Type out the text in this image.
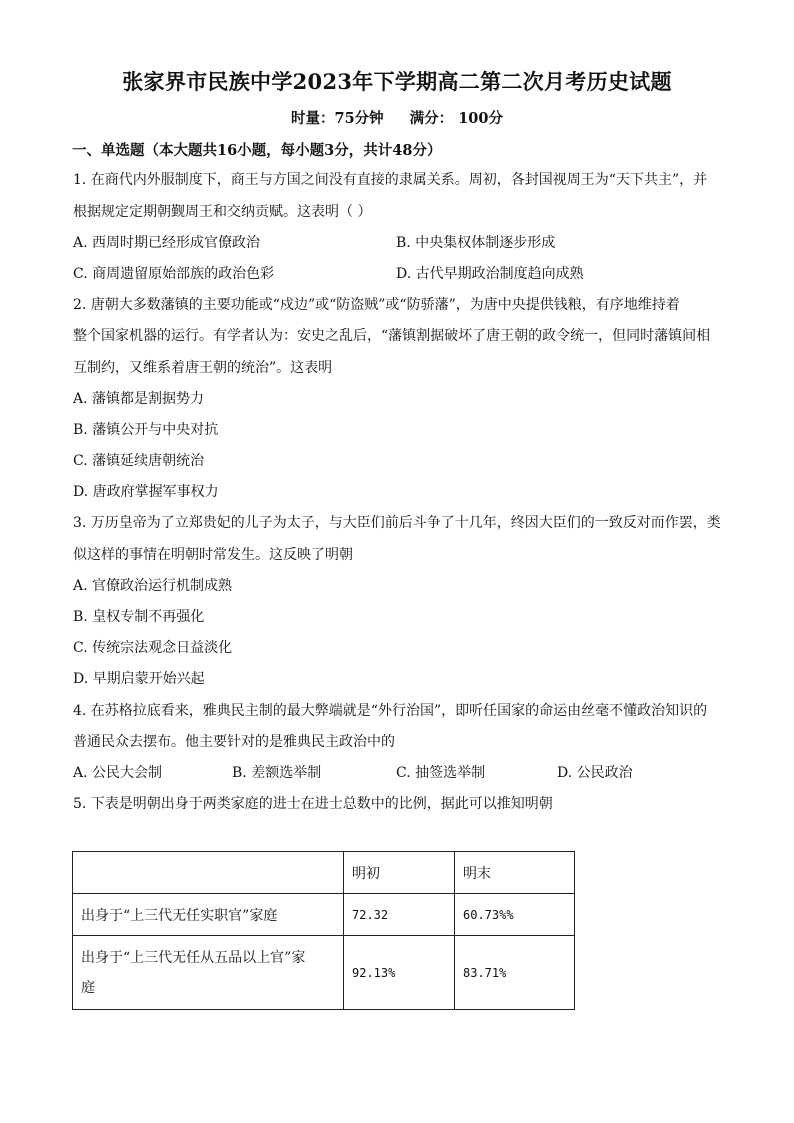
张家界市民族中学2023年下学期高二第二次月考历史试题
时量：75分钟 满分： 100分
一、单选题（本大题共16小题，每小题3分，共计48分）
1. 在商代内外服制度下，商王与方国之间没有直接的隶属关系。周初，各封国视周王为“天下共主”，并
根据规定定期朝觐周王和交纳贡赋。这表明（ ）
A. 西周时期已经形成官僚政治	B. 中央集权体制逐步形成
C. 商周遗留原始部族的政治色彩	D. 古代早期政治制度趋向成熟
2. 唐朝大多数藩镇的主要功能或“戍边”或“防盗贼”或“防骄藩”，为唐中央提供钱粮，有序地维持着
整个国家机器的运行。有学者认为：安史之乱后，“藩镇割据破坏了唐王朝的政令统一，但同时藩镇间相
互制约，又维系着唐王朝的统治”。这表明
A. 藩镇都是割据势力
B. 藩镇公开与中央对抗
C. 藩镇延续唐朝统治
D. 唐政府掌握军事权力
3. 万历皇帝为了立郑贵妃的儿子为太子，与大臣们前后斗争了十几年，终因大臣们的一致反对而作罢，类
似这样的事情在明朝时常发生。这反映了明朝
A. 官僚政治运行机制成熟
B. 皇权专制不再强化
C. 传统宗法观念日益淡化
D. 早期启蒙开始兴起
4. 在苏格拉底看来，雅典民主制的最大弊端就是“外行治国”，即听任国家的命运由丝毫不懂政治知识的
普通民众去摆布。他主要针对的是雅典民主政治中的
A. 公民大会制	B. 差额选举制	C. 抽签选举制	D. 公民政治
5. 下表是明朝出身于两类家庭的进士在进士总数中的比例，据此可以推知明朝
	明初	明末
出身于“上三代无任实职官”家庭	72.32	60.73%%
出身于“上三代无任从五品以上官”家
庭	92.13%	83.71%
